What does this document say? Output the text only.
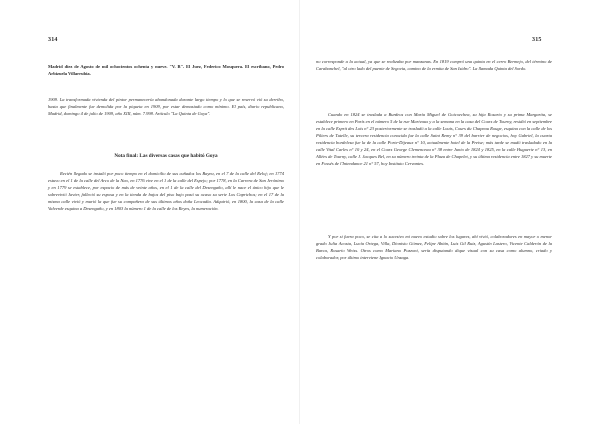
314

Madrid diez de Agosto de mil ochocientos ochenta y nueve. "V. B". El Juez, Federico Mosquera. El escribano, Pedro Arbizuela Villarrubia.

1909. La transformada vivienda del pintor permanecería abandonada durante largo tiempo y lo que se reservó vió su derribo, hasta que finalmente fue demolida por la piqueta en 1909, por estar demasiado como mínimo. El país, diario republicano, Madrid, domingo 4 de julio de 1909, año XIII, núm. 7.998. Artículo "La Quinta de Goya".

Nota final: Las diversas casas que habitó Goya

Recién llegado se instaló por poco tiempo en el domicilio de sus cuñados los Bayeu, en el 7 de la calle del Reloj; en 1774 estuvo en el 1 de la calle del Arco de la Nao, en 1776 vive en el 1 de la calle del Espejo; por 1778, en la Carrera de San Jerónimo y en 1779 se establece, por espacio de más de veinte años, en el 1 de la calle del Desengaño, allí le nace el único hijo que le sobrevivió Javier, falleció su esposa y en la tienda de bajos del piso bajo pasó su ocaso su serie Los Caprichos; en el 17 de la misma calle vivió y murió la que fue su compañera de sus últimos años doña Leocadia. Adquirió, en 1800, la casa de la calle Valverde esquina a Desengaño, y en 1803 la número 1 de la calle de los Reyes, la numeración.

315

no corresponde a la actual, ya que se realizaba por manzanas. En 1819 compró una quinta en el cerro Bermejo, del término de Carabanchel, "al otro lado del puente de Segovia, camino de la ermita de San Isidro". La llamada Quinta del Sordo.

Cuando en 1824 se traslada a Burdeos con María Miguel de Goicoechea, su hija Rosario y su prima Margarita, se establece primero en París en el número 5 de la rue Marivaux y a la semana en la casa del Cours de Tourny, residió en septiembre en la calle Esprit des Lois n° 23 posteriormente se trasladó a la calle Louis, Cours du Chapeau Rouge, esquina con la calle de los Piliers de Tutelle, su tercera residencia conocida fue la calle Saint Remy n° 39 del barrier de negocios, hoy Gabriel, la cuarta residencia bordelesa fue la de la calle Porte-Dijeaux n° 10, actualmente hotel de la Preise; más tarde se mudó trasladado en la calle Vital Carles n° 10 y 24, en el Cours George Clemenceau n° 38 entre Junio de 1824 y 1825, en la calle Huguerie n° 13, en Allées de Tourny, calle J. Jacques Bel, en su número treinta de la Plaza de Chapelet, y su última residencia entre 1827 y su muerte en Fossés de l'Intendance 21 n° 57, hoy Instituto Cervantes.

Y por si fuera poco, se cita a lo sucesivo mi nuevo estudio sobre los lugares, ahí vivió, colaboradores en mayor o menor grado Julia Acosta, Lucía Ortega, Villa, Dionisio Gómez, Felipe Abián, Luis Gil Ruiz, Agustín Lastero, Vicente Calderón de la Barca, Rosario Weiss. Otros como Mariano Pozzoni, sería disputando dique visual con su casa como alumno, criado y colaborador, por último interviene Ignacio Unzaga.
